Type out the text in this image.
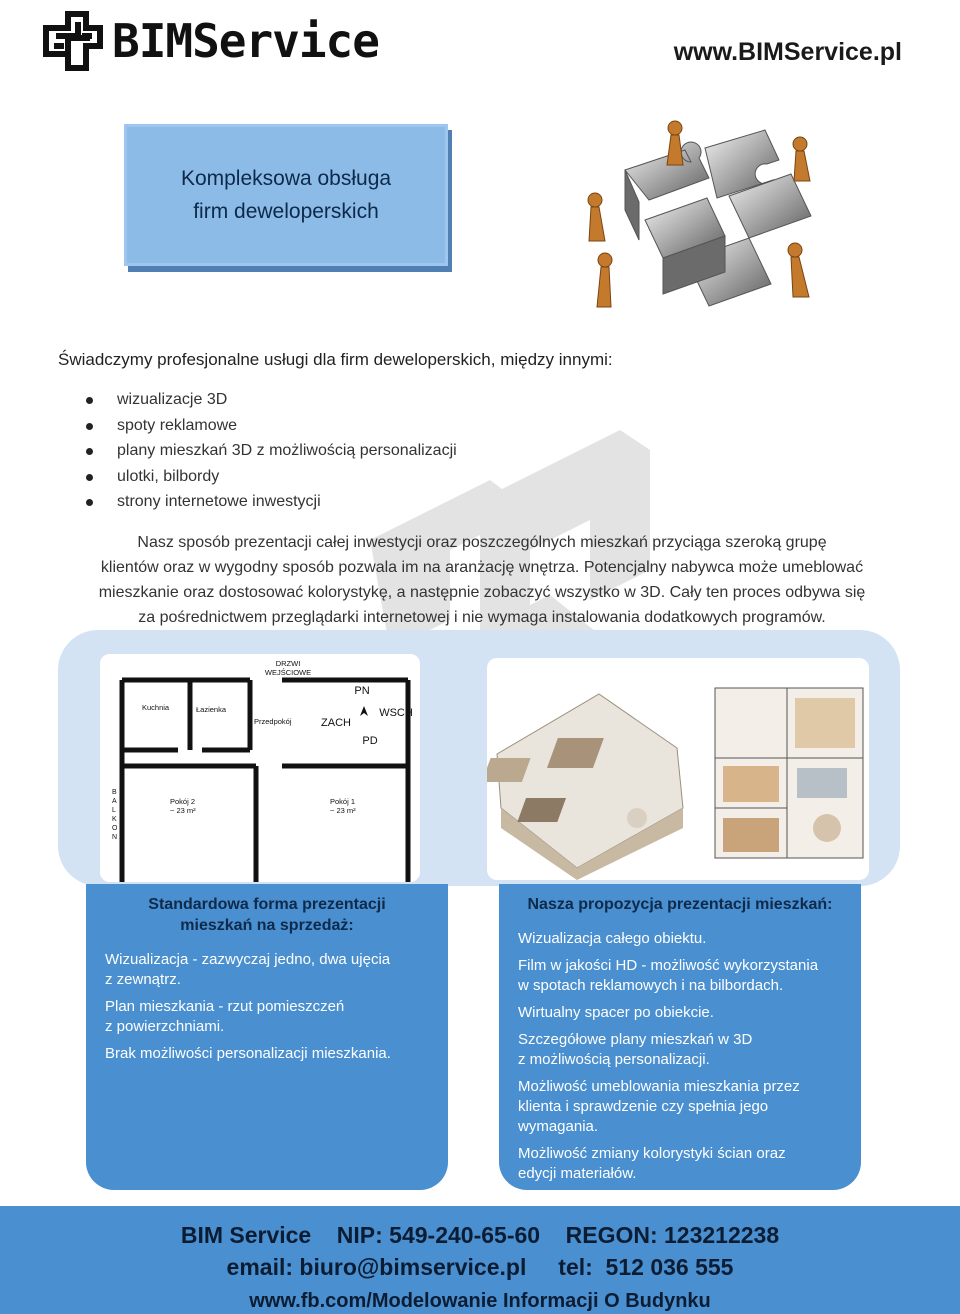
BIMService	www.BIMService.pl
Kompleksowa obsługa
firm deweloperskich
Świadczymy profesjonalne usługi dla firm deweloperskich, między innymi:
wizualizacje 3D
spoty reklamowe
plany mieszkań 3D z możliwością personalizacji
ulotki, bilbordy
strony internetowe inwestycji
Nasz sposób prezentacji całej inwestycji oraz poszczególnych mieszkań przyciąga szeroką grupę
klientów oraz w wygodny sposób pozwala im na aranżację wnętrza. Potencjalny nabywca może umeblować
mieszkanie oraz dostosować kolorystykę, a następnie zobaczyć wszystko w 3D. Cały ten proces odbywa się
za pośrednictwem przeglądarki internetowej i nie wymaga instalowania dodatkowych programów.
DRZWI WEJŚCIOWE
Kuchnia	Łazienka
Przedpokój
Pokój 2 ~ 23 m²
Pokój 1 ~ 23 m²
B A L K O N
PN
WSCH
ZACH
PD
Standardowa forma prezentacji
mieszkań na sprzedaż:
Wizualizacja - zazwyczaj jedno, dwa ujęcia
z zewnątrz.
Plan mieszkania - rzut pomieszczeń
z powierzchniami.
Brak możliwości personalizacji mieszkania.
Nasza propozycja prezentacji mieszkań:
Wizualizacja całego obiektu.
Film w jakości HD - możliwość wykorzystania
w spotach reklamowych i na bilbordach.
Wirtualny spacer po obiekcie.
Szczegółowe plany mieszkań w 3D
z możliwością personalizacji.
Możliwość umeblowania mieszkania przez
klienta i sprawdzenie czy spełnia jego
wymagania.
Możliwość zmiany kolorystyki ścian oraz
edycji materiałów.
BIM Service    NIP: 549-240-65-60    REGON: 123212238
email: biuro@bimservice.pl     tel:  512 036 555
www.fb.com/Modelowanie Informacji O Budynku
